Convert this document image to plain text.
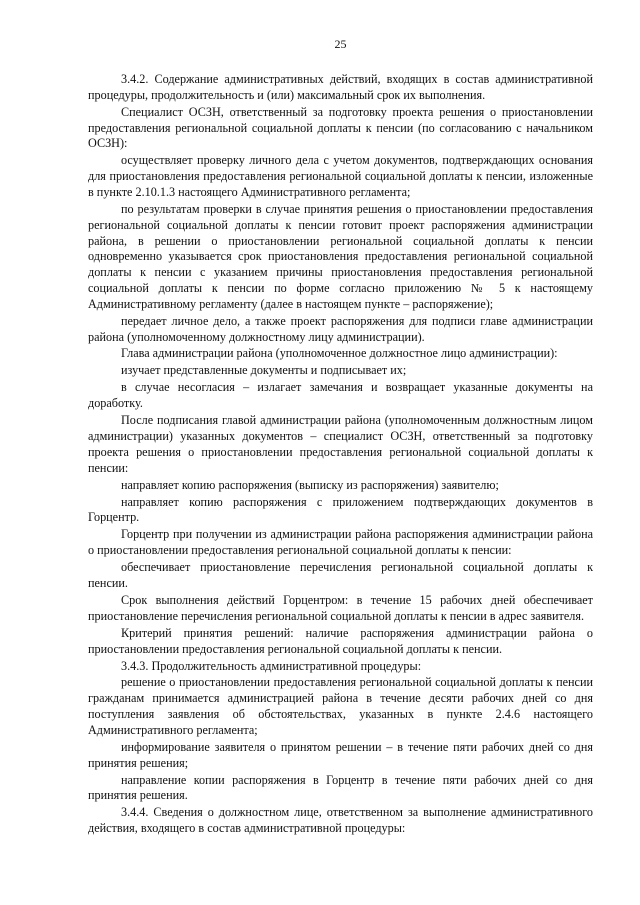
25

3.4.2. Содержание административных действий, входящих в состав административной процедуры, продолжительность и (или) максимальный срок их выполнения.

Специалист ОСЗН, ответственный за подготовку проекта решения о приостановлении предоставления региональной социальной доплаты к пенсии (по согласованию с начальником ОСЗН):

осуществляет проверку личного дела с учетом документов, подтверждающих основания для приостановления предоставления региональной социальной доплаты к пенсии, изложенные в пункте 2.10.1.3 настоящего Административного регламента;

по результатам проверки в случае принятия решения о приостановлении предоставления региональной социальной доплаты к пенсии готовит проект распоряжения администрации района, в решении о приостановлении региональной социальной доплаты к пенсии одновременно указывается срок приостановления предоставления региональной социальной доплаты к пенсии с указанием причины приостановления предоставления региональной социальной доплаты к пенсии по форме согласно приложению № 5 к настоящему Административному регламенту (далее в настоящем пункте – распоряжение);

передает личное дело, а также проект распоряжения для подписи главе администрации района (уполномоченному должностному лицу администрации).

Глава администрации района (уполномоченное должностное лицо администрации):

изучает представленные документы и подписывает их;

в случае несогласия – излагает замечания и возвращает указанные документы на доработку.

После подписания главой администрации района (уполномоченным должностным лицом администрации) указанных документов – специалист ОСЗН, ответственный за подготовку проекта решения о приостановлении предоставления региональной социальной доплаты к пенсии:

направляет копию распоряжения (выписку из распоряжения) заявителю;

направляет копию распоряжения с приложением подтверждающих документов в Горцентр.

Горцентр при получении из администрации района распоряжения администрации района о приостановлении предоставления региональной социальной доплаты к пенсии:

обеспечивает приостановление перечисления региональной социальной доплаты к пенсии.

Срок выполнения действий Горцентром: в течение 15 рабочих дней обеспечивает приостановление перечисления региональной социальной доплаты к пенсии в адрес заявителя.

Критерий принятия решений: наличие распоряжения администрации района о приостановлении предоставления региональной социальной доплаты к пенсии.

3.4.3. Продолжительность административной процедуры:

решение о приостановлении предоставления региональной социальной доплаты к пенсии гражданам принимается администрацией района в течение десяти рабочих дней со дня поступления заявления об обстоятельствах, указанных в пункте 2.4.6 настоящего Административного регламента;

информирование заявителя о принятом решении – в течение пяти рабочих дней со дня принятия решения;

направление копии распоряжения в Горцентр в течение пяти рабочих дней со дня принятия решения.

3.4.4. Сведения о должностном лице, ответственном за выполнение административного действия, входящего в состав административной процедуры:
